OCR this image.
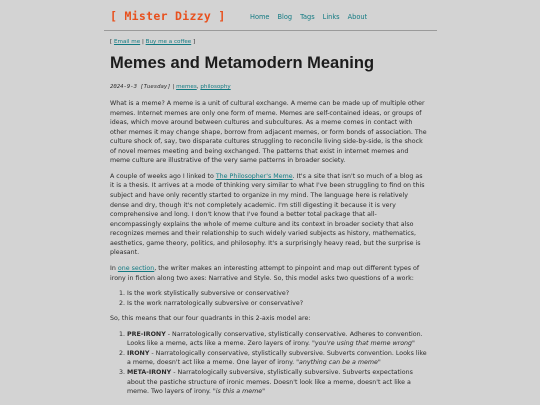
[ Mister Dizzy ]	Home Blog Tags Links About
[ Email me | Buy me a coffee ]
Memes and Metamodern Meaning
2024-9-3 [Tuesday] | memes, philosophy

What is a meme? A meme is a unit of cultural exchange. A meme can be made up of multiple other memes. Internet memes are only one form of meme. Memes are self-contained ideas, or groups of ideas, which move around between cultures and subcultures. As a meme comes in contact with other memes it may change shape, borrow from adjacent memes, or form bonds of association. The culture shock of, say, two disparate cultures struggling to reconcile living side-by-side, is the shock of novel memes meeting and being exchanged. The patterns that exist in internet memes and meme culture are illustrative of the very same patterns in broader society.

A couple of weeks ago I linked to The Philosopher's Meme. It's a site that isn't so much of a blog as it is a thesis. It arrives at a mode of thinking very similar to what I've been struggling to find on this subject and have only recently started to organize in my mind. The language here is relatively dense and dry, though it's not completely academic. I'm still digesting it because it is very comprehensive and long. I don't know that I've found a better total package that all-encompassingly explains the whole of meme culture and its context in broader society that also recognizes memes and their relationship to such widely varied subjects as history, mathematics, aesthetics, game theory, politics, and philosophy. It's a surprisingly heavy read, but the surprise is pleasant.

In one section, the writer makes an interesting attempt to pinpoint and map out different types of irony in fiction along two axes: Narrative and Style. So, this model asks two questions of a work:

1. Is the work stylistically subversive or conservative?
2. Is the work narratologically subversive or conservative?

So, this means that our four quadrants in this 2-axis model are:

1. PRE-IRONY - Narratologically conservative, stylistically conservative. Adheres to convention. Looks like a meme, acts like a meme. Zero layers of irony. "you're using that meme wrong"
2. IRONY - Narratologically conservative, stylistically subversive. Subverts convention. Looks like a meme, doesn't act like a meme. One layer of irony. "anything can be a meme"
3. META-IRONY - Narratologically subversive, stylistically subversive. Subverts expectations about the pastiche structure of ironic memes. Doesn't look like a meme, doesn't act like a meme. Two layers of irony. "is this a meme"
